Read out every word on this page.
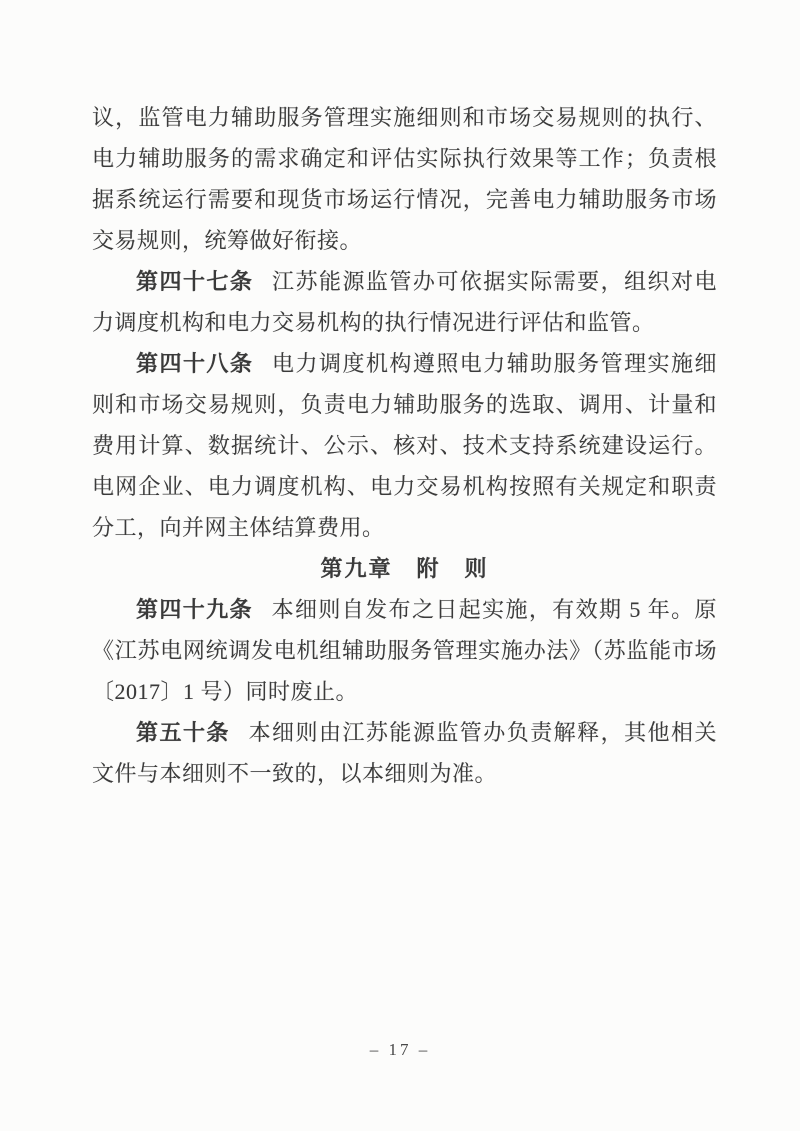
议，监管电力辅助服务管理实施细则和市场交易规则的执行、电力辅助服务的需求确定和评估实际执行效果等工作；负责根据系统运行需要和现货市场运行情况，完善电力辅助服务市场交易规则，统筹做好衔接。

第四十七条 江苏能源监管办可依据实际需要，组织对电力调度机构和电力交易机构的执行情况进行评估和监管。

第四十八条 电力调度机构遵照电力辅助服务管理实施细则和市场交易规则，负责电力辅助服务的选取、调用、计量和费用计算、数据统计、公示、核对、技术支持系统建设运行。电网企业、电力调度机构、电力交易机构按照有关规定和职责分工，向并网主体结算费用。

第九章　附　则

第四十九条 本细则自发布之日起实施，有效期 5 年。原《江苏电网统调发电机组辅助服务管理实施办法》（苏监能市场〔2017〕1 号）同时废止。

第五十条 本细则由江苏能源监管办负责解释，其他相关文件与本细则不一致的，以本细则为准。

– 17 –
